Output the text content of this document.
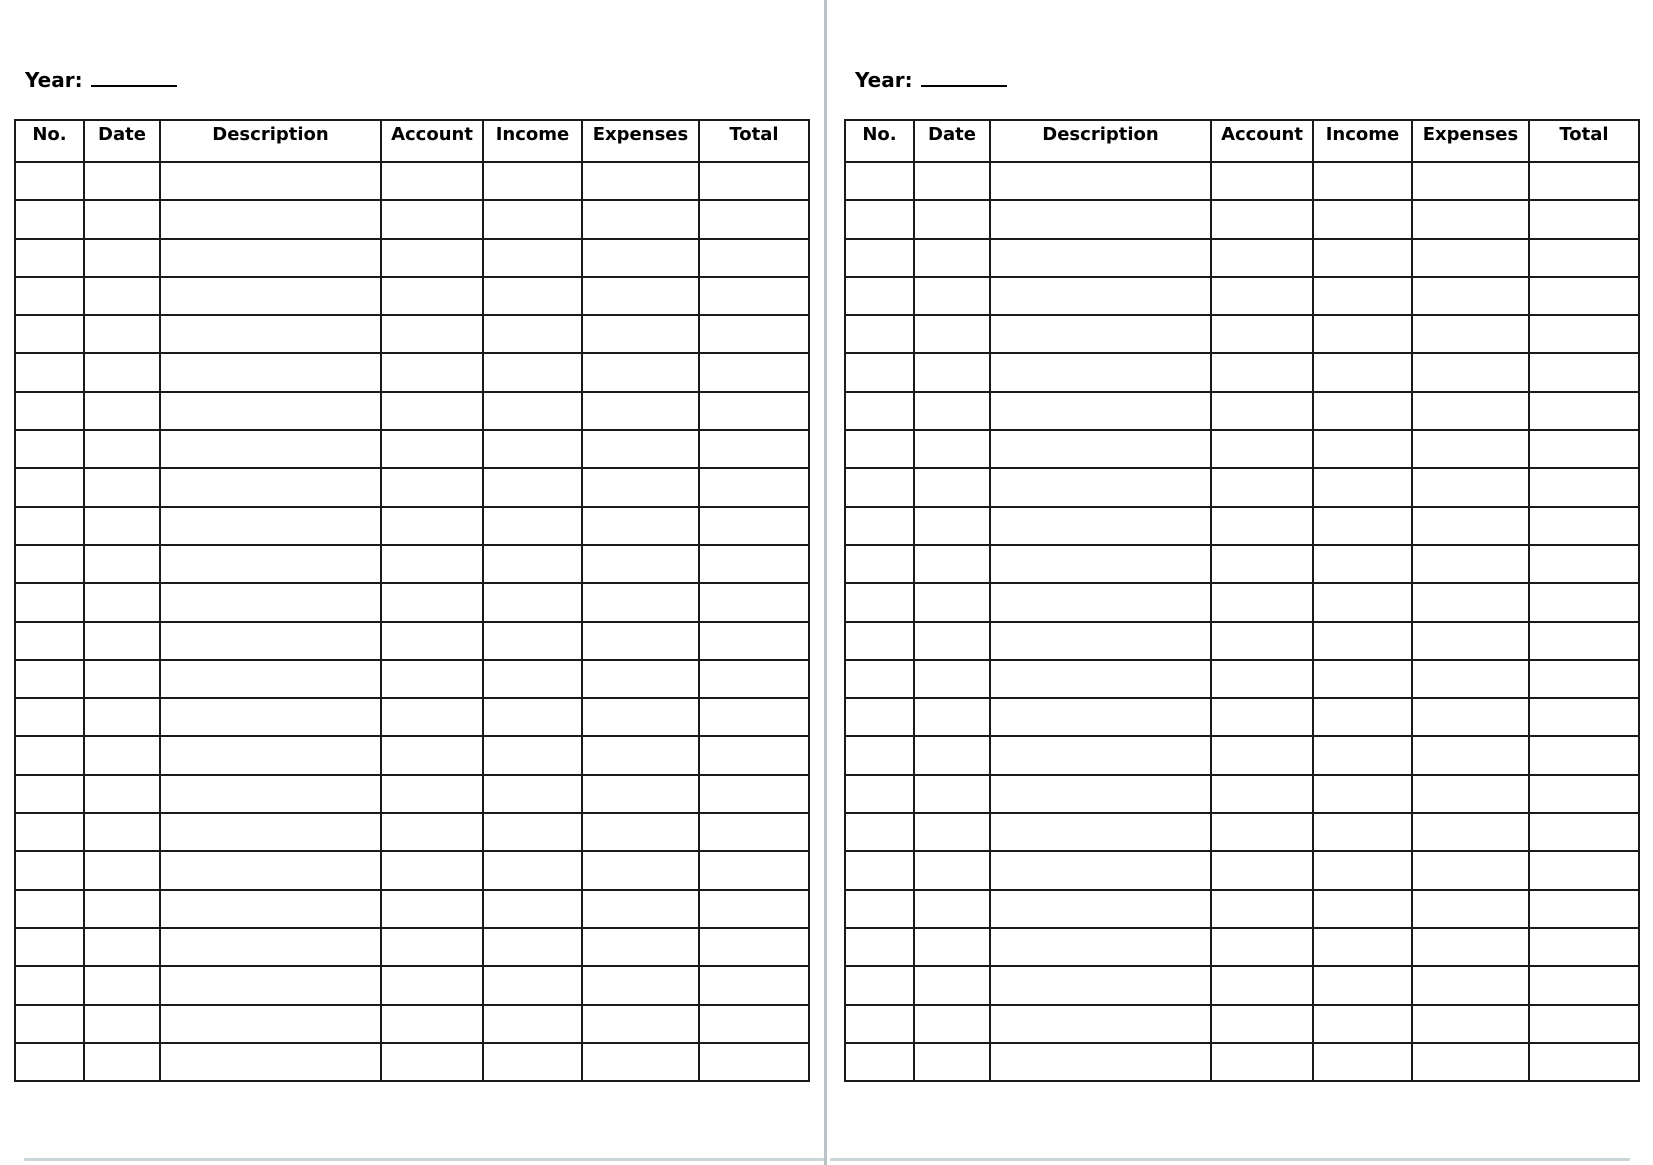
Year:
No.	Date	Description	Account	Income	Expenses	Total

Year:
No.	Date	Description	Account	Income	Expenses	Total
